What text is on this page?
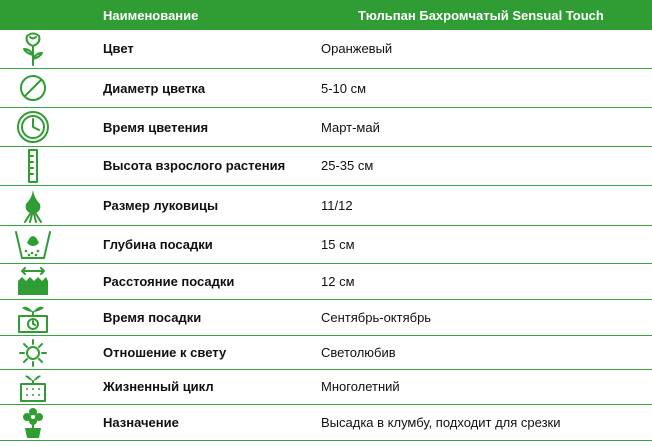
Наименование	Тюльпан Бахромчатый Sensual Touch
Цвет	Оранжевый
Диаметр цветка	5-10 см
Время цветения	Март-май
Высота взрослого растения	25-35 см
Размер луковицы	11/12
Глубина посадки	15 см
Расстояние посадки	12 см
Время посадки	Сентябрь-октябрь
Отношение к свету	Светолюбив
Жизненный цикл	Многолетний
Назначение	Высадка в клумбу, подходит для срезки
